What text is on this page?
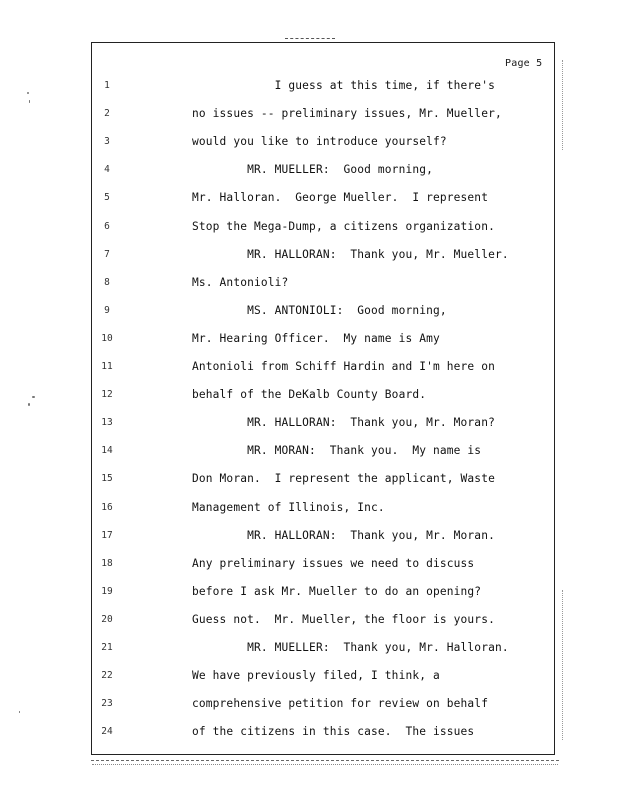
Page 5
1	I guess at this time, if there's
2	no issues -- preliminary issues, Mr. Mueller,
3	would you like to introduce yourself?
4	MR. MUELLER:  Good morning,
5	Mr. Halloran.  George Mueller.  I represent
6	Stop the Mega-Dump, a citizens organization.
7	MR. HALLORAN:  Thank you, Mr. Mueller.
8	Ms. Antonioli?
9	MS. ANTONIOLI:  Good morning,
10	Mr. Hearing Officer.  My name is Amy
11	Antonioli from Schiff Hardin and I'm here on
12	behalf of the DeKalb County Board.
13	MR. HALLORAN:  Thank you, Mr. Moran?
14	MR. MORAN:  Thank you.  My name is
15	Don Moran.  I represent the applicant, Waste
16	Management of Illinois, Inc.
17	MR. HALLORAN:  Thank you, Mr. Moran.
18	Any preliminary issues we need to discuss
19	before I ask Mr. Mueller to do an opening?
20	Guess not.  Mr. Mueller, the floor is yours.
21	MR. MUELLER:  Thank you, Mr. Halloran.
22	We have previously filed, I think, a
23	comprehensive petition for review on behalf
24	of the citizens in this case.  The issues
